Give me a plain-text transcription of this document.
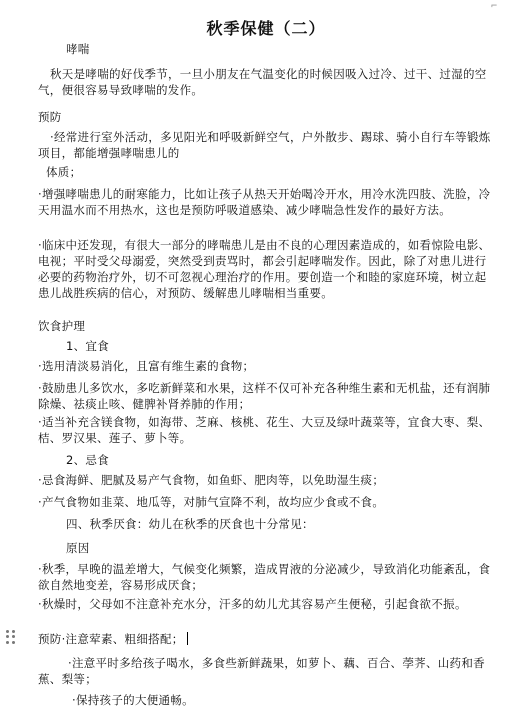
⌐
秋季保健（二）

哮喘

秋天是哮喘的好伐季节，一旦小朋友在气温变化的时候因吸入过冷、过干、过湿的空气，便很容易导致哮喘的发作。

预防

·经常进行室外活动，多见阳光和呼吸新鲜空气，户外散步、踢球、骑小自行车等锻炼项目，都能增强哮喘患儿的

体质；

·增强哮喘患儿的耐寒能力，比如让孩子从热天开始喝冷开水，用冷水洗四肢、洗脸，冷天用温水而不用热水，这也是预防呼吸道感染、减少哮喘急性发作的最好方法。

·临床中还发现，有很大一部分的哮喘患儿是由不良的心理因素造成的，如看惊险电影、电视；平时受父母溺爱，突然受到责骂时，都会引起哮喘发作。因此，除了对患儿进行必要的药物治疗外，切不可忽视心理治疗的作用。要创造一个和睦的家庭环境，树立起患儿战胜疾病的信心，对预防、缓解患儿哮喘相当重要。

饮食护理

1、宜食

·选用清淡易消化，且富有维生素的食物；

·鼓励患儿多饮水，多吃新鲜菜和水果，这样不仅可补充各种维生素和无机盐，还有润肺除燥、祛痰止咳、健脾补肾养肺的作用；

·适当补充含镁食物，如海带、芝麻、核桃、花生、大豆及绿叶蔬菜等，宜食大枣、梨、桔、罗汉果、莲子、萝卜等。

2、忌食

·忌食海鲜、肥腻及易产气食物，如鱼虾、肥肉等，以免助湿生痰；

·产气食物如韭菜、地瓜等，对肺气宣降不利，故均应少食或不食。

四、秋季厌食：幼儿在秋季的厌食也十分常见：

原因

·秋季，早晚的温差增大，气候变化频繁，造成胃液的分泌减少，导致消化功能紊乱，食欲自然地变差，容易形成厌食；

·秋燥时，父母如不注意补充水分，汗多的幼儿尤其容易产生便秘，引起食欲不振。

预防·注意荤素、粗细搭配；

·注意平时多给孩子喝水，多食些新鲜蔬果，如萝卜、藕、百合、荸荠、山药和香蕉、梨等；

·保持孩子的大便通畅。
